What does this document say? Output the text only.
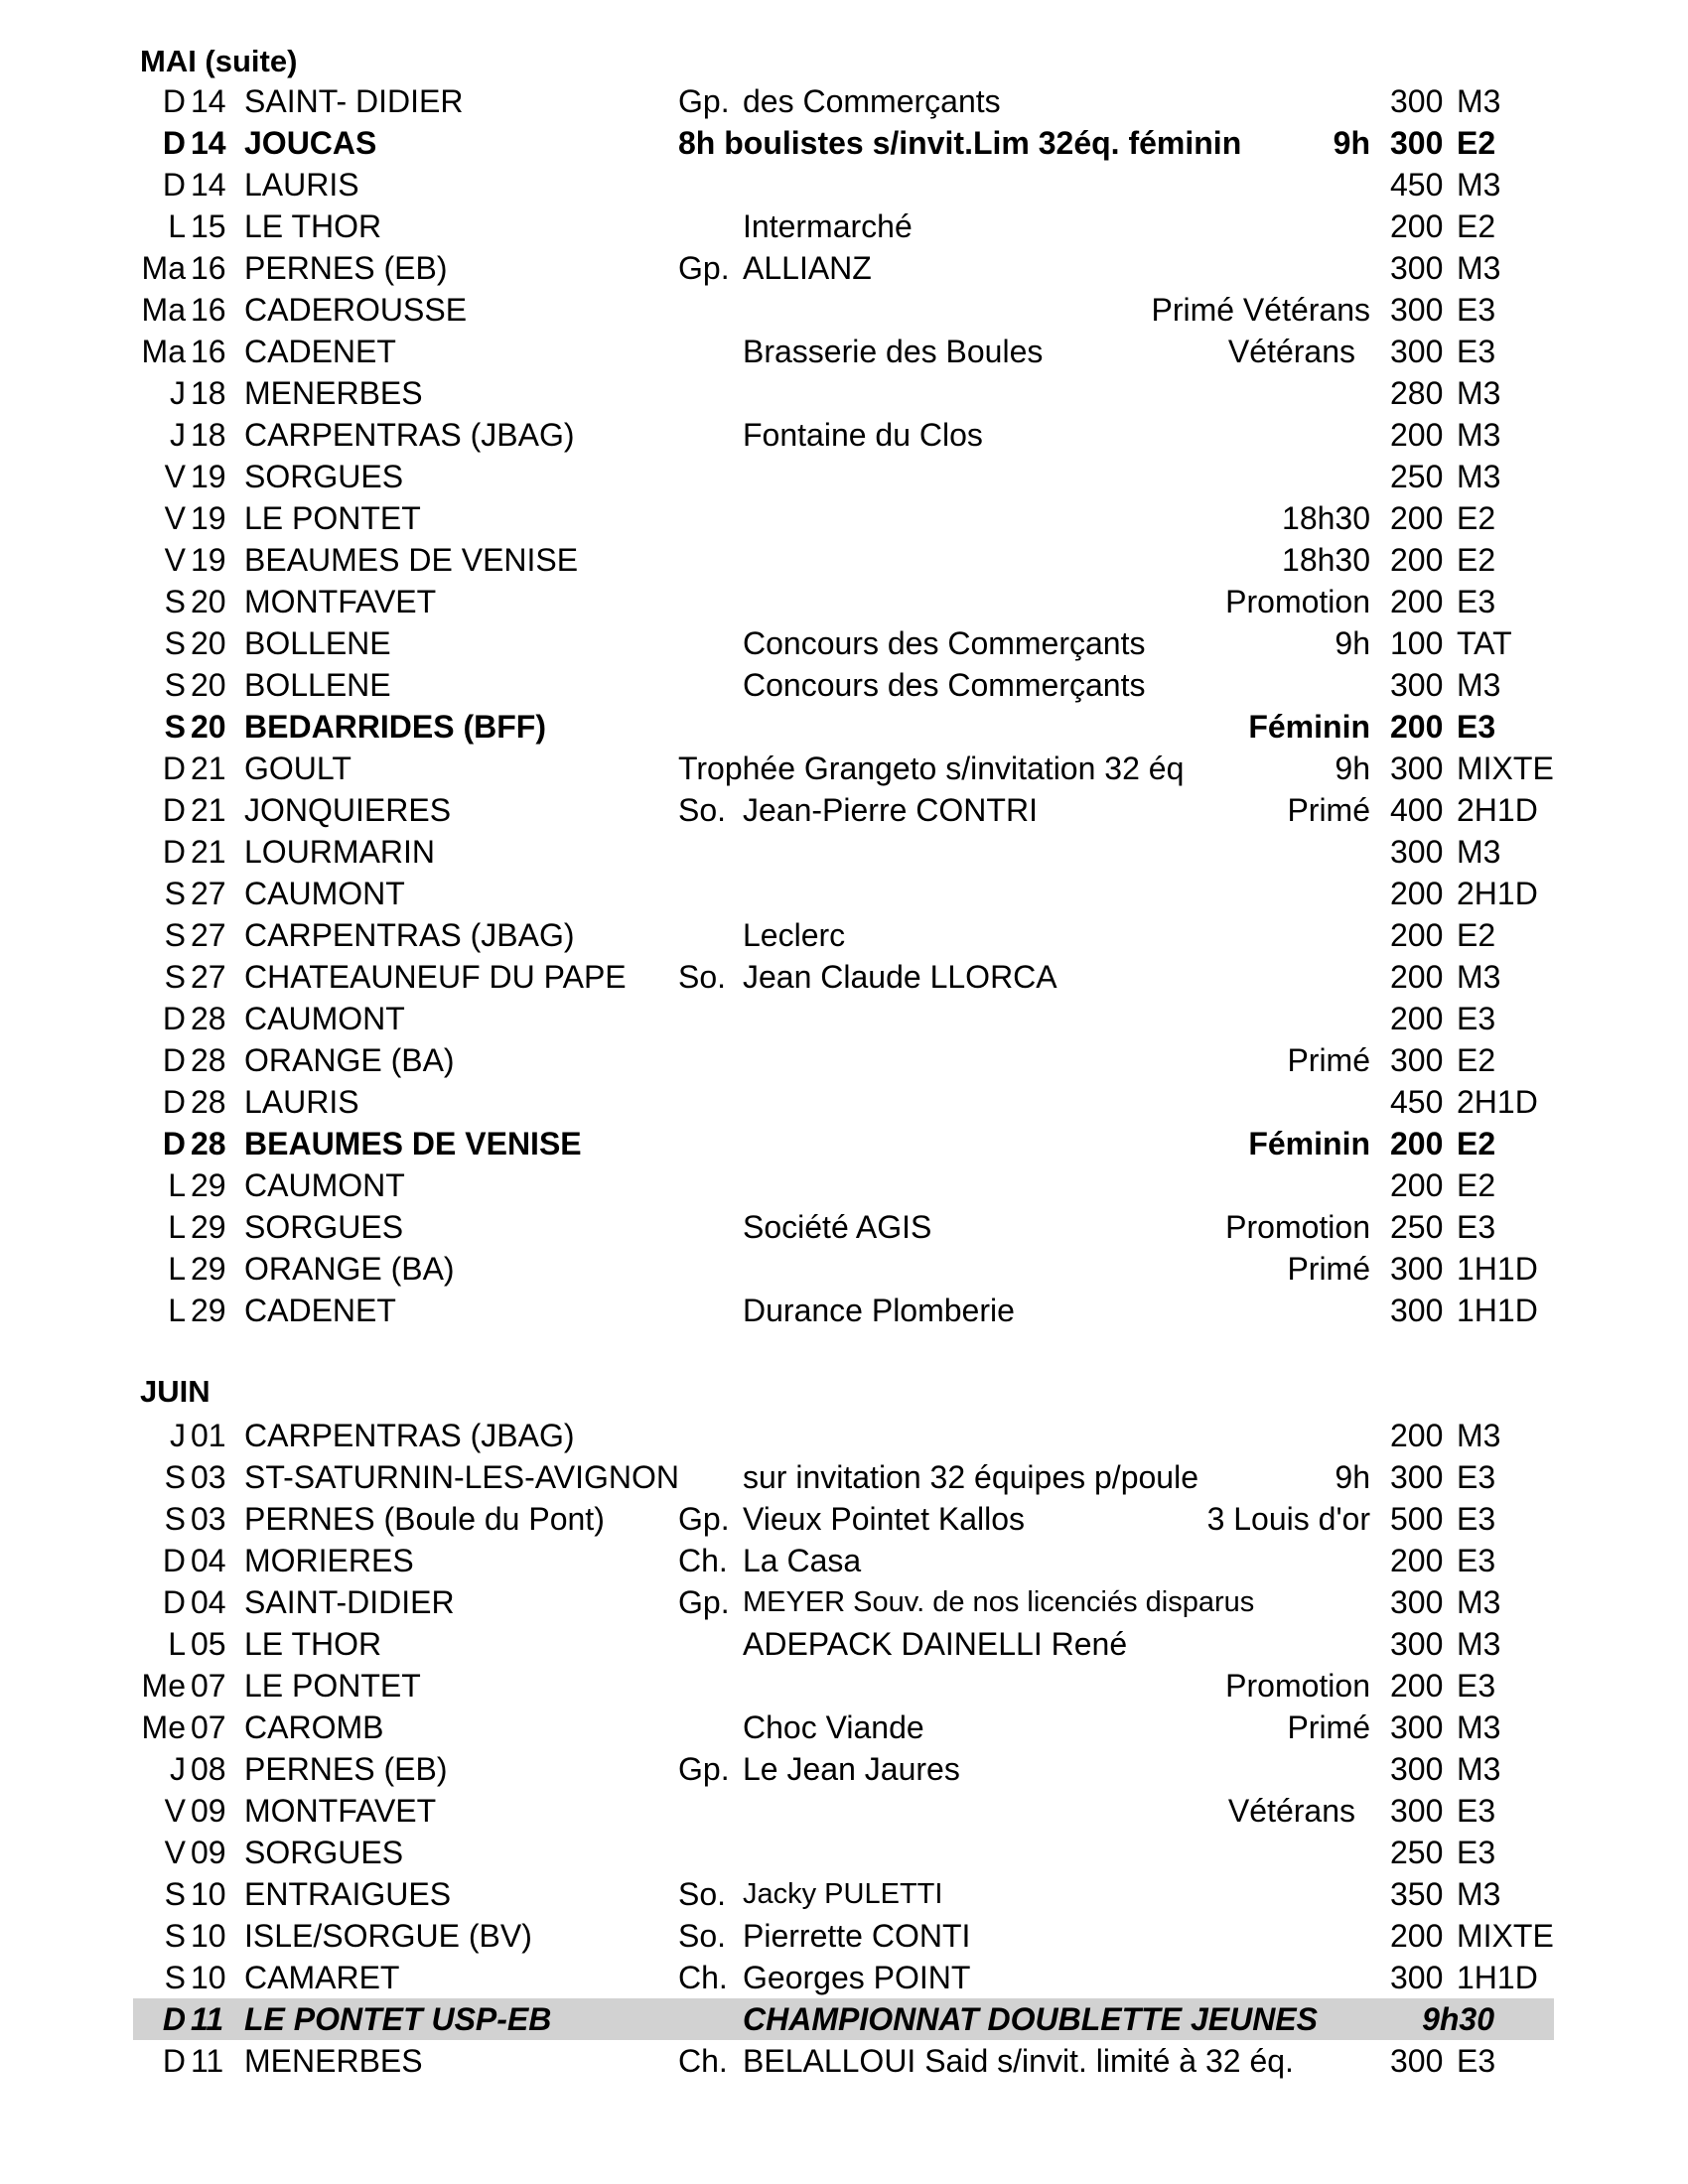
MAI (suite)
D 14 SAINT- DIDIER	Gp. des Commerçants	300 M3
D 14 JOUCAS	8h boulistes s/invit.Lim 32éq. féminin	9h 300 E2
D 14 LAURIS	450 M3
L 15 LE THOR	Intermarché	200 E2
Ma 16 PERNES (EB)	Gp. ALLIANZ	300 M3
Ma 16 CADEROUSSE	Primé Vétérans 300 E3
Ma 16 CADENET	Brasserie des Boules	Vétérans 300 E3
J 18 MENERBES	280 M3
J 18 CARPENTRAS (JBAG)	Fontaine du Clos	200 M3
V 19 SORGUES	250 M3
V 19 LE PONTET	18h30 200 E2
V 19 BEAUMES DE VENISE	18h30 200 E2
S 20 MONTFAVET	Promotion 200 E3
S 20 BOLLENE	Concours des Commerçants	9h 100 TAT
S 20 BOLLENE	Concours des Commerçants	300 M3
S 20 BEDARRIDES (BFF)	Féminin 200 E3
D 21 GOULT	Trophée Grangeto s/invitation 32 éq	9h 300 MIXTE
D 21 JONQUIERES	So. Jean-Pierre CONTRI	Primé 400 2H1D
D 21 LOURMARIN	300 M3
S 27 CAUMONT	200 2H1D
S 27 CARPENTRAS (JBAG)	Leclerc	200 E2
S 27 CHATEAUNEUF DU PAPE	So. Jean Claude LLORCA	200 M3
D 28 CAUMONT	200 E3
D 28 ORANGE (BA)	Primé 300 E2
D 28 LAURIS	450 2H1D
D 28 BEAUMES DE VENISE	Féminin 200 E2
L 29 CAUMONT	200 E2
L 29 SORGUES	Société AGIS	Promotion 250 E3
L 29 ORANGE (BA)	Primé 300 1H1D
L 29 CADENET	Durance Plomberie	300 1H1D
JUIN
J 01 CARPENTRAS (JBAG)	200 M3
S 03 ST-SATURNIN-LES-AVIGNON	sur invitation 32 équipes p/poule	9h 300 E3
S 03 PERNES (Boule du Pont)	Gp. Vieux Pointet Kallos	3 Louis d'or 500 E3
D 04 MORIERES	Ch. La Casa	200 E3
D 04 SAINT-DIDIER	Gp. MEYER Souv. de nos licenciés disparus	300 M3
L 05 LE THOR	ADEPACK DAINELLI René	300 M3
Me 07 LE PONTET	Promotion 200 E3
Me 07 CAROMB	Choc Viande	Primé 300 M3
J 08 PERNES (EB)	Gp. Le Jean Jaures	300 M3
V 09 MONTFAVET	Vétérans 300 E3
V 09 SORGUES	250 E3
S 10 ENTRAIGUES	So. Jacky PULETTI	350 M3
S 10 ISLE/SORGUE (BV)	So. Pierrette CONTI	200 MIXTE
S 10 CAMARET	Ch. Georges POINT	300 1H1D
D 11 LE PONTET USP-EB	CHAMPIONNAT DOUBLETTE JEUNES	9h30
D 11 MENERBES	Ch. BELALLOUI Said s/invit. limité à 32 éq.	300 E3
